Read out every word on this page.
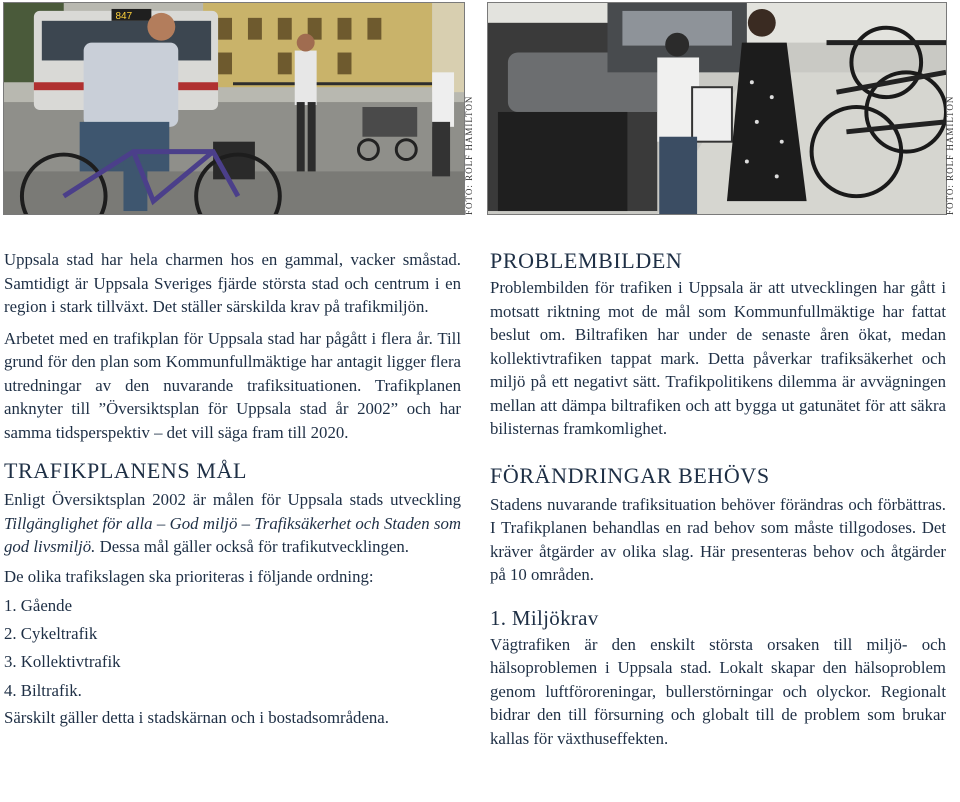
847
FOTO: ROLF HAMILTON	FOTO: ROLF HAMILTON

Uppsala stad har hela charmen hos en gammal, vacker småstad. Samtidigt är Uppsala Sveriges fjärde största stad och centrum i en region i stark tillväxt. Det ställer särskilda krav på trafikmiljön.

Arbetet med en trafikplan för Uppsala stad har pågått i flera år. Till grund för den plan som Kommunfullmäktige har antagit ligger flera utredningar av den nuvarande trafiksituationen. Trafikplanen anknyter till ”Översiktsplan för Uppsala stad år 2002” och har samma tidsperspektiv – det vill säga fram till 2020.

TRAFIKPLANENS MÅL

Enligt Översiktsplan 2002 är målen för Uppsala stads utveckling Tillgänglighet för alla – God miljö – Trafiksäkerhet och Staden som god livsmiljö. Dessa mål gäller också för trafikutvecklingen.

De olika trafikslagen ska prioriteras i följande ordning:

1. Gående
2. Cykeltrafik
3. Kollektivtrafik
4. Biltrafik.
Särskilt gäller detta i stadskärnan och i bostadsområdena.
PROBLEMBILDEN

Problembilden för trafiken i Uppsala är att utvecklingen har gått i motsatt riktning mot de mål som Kommunfullmäktige har fattat beslut om. Biltrafiken har under de senaste åren ökat, medan kollektivtrafiken tappat mark. Detta påverkar trafiksäkerhet och miljö på ett negativt sätt. Trafikpolitikens dilemma är avvägningen mellan att dämpa biltrafiken och att bygga ut gatunätet för att säkra bilisternas framkomlighet.

FÖRÄNDRINGAR BEHÖVS

Stadens nuvarande trafiksituation behöver förändras och förbättras. I Trafikplanen behandlas en rad behov som måste tillgodoses. Det kräver åtgärder av olika slag. Här presenteras behov och åtgärder på 10 områden.

1. Miljökrav

Vägtrafiken är den enskilt största orsaken till miljö- och hälsoproblemen i Uppsala stad. Lokalt skapar den hälsoproblem genom luftföroreningar, bullerstörningar och olyckor. Regionalt bidrar den till försurning och globalt till de problem som brukar kallas för växthuseffekten.
